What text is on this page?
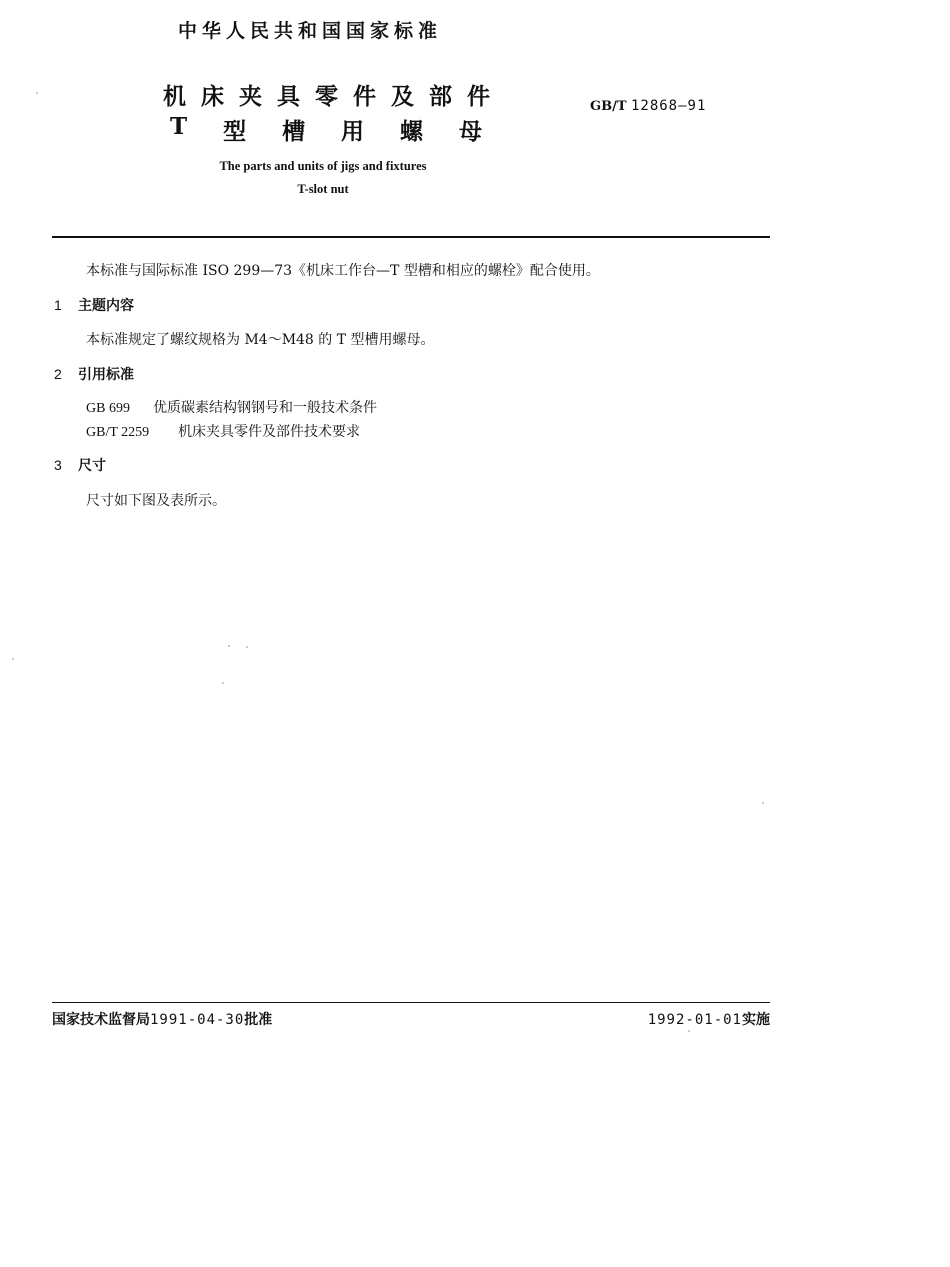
中华人民共和国国家标准
机床夹具零件及部件
T 型 槽 用 螺 母
GB/T 12868—91
The parts and units of jigs and fixtures
T-slot nut
本标准与国际标准 ISO 299—73《机床工作台—T 型槽和相应的螺栓》配合使用。
1 主题内容
本标准规定了螺纹规格为 M4～M48 的 T 型槽用螺母。
2 引用标准
GB 699 优质碳素结构钢钢号和一般技术条件
GB/T 2259 机床夹具零件及部件技术要求
3 尺寸
尺寸如下图及表所示。
国家技术监督局1991-04-30批准	1992-01-01实施
